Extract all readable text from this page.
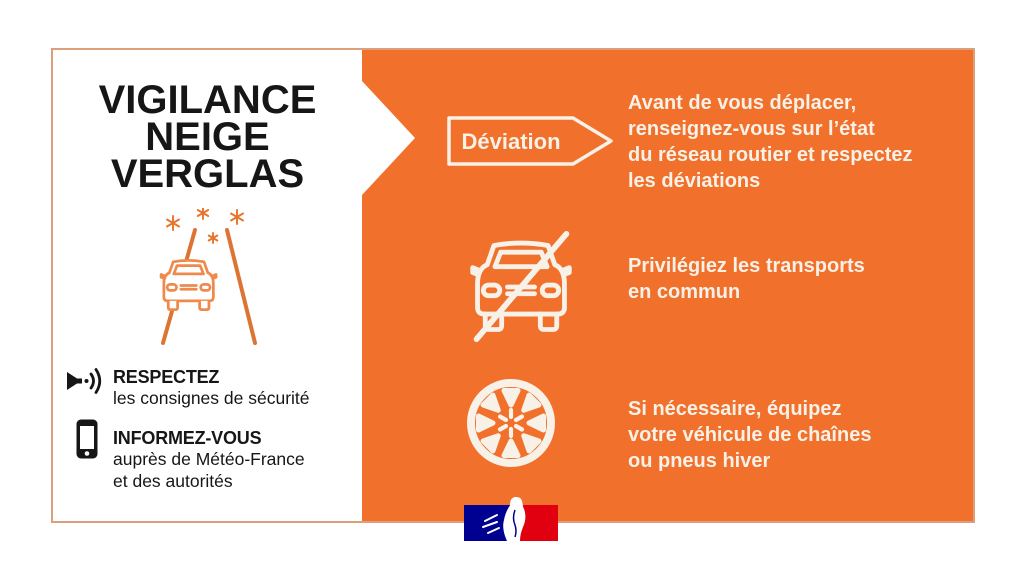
VIGILANCE
NEIGE
VERGLAS
RESPECTEZ
les consignes de sécurité
INFORMEZ-VOUS
auprès de Météo-France
et des autorités
Déviation
Avant de vous déplacer,
renseignez-vous sur l’état
du réseau routier et respectez
les déviations
Privilégiez les transports
en commun
Si nécessaire, équipez
votre véhicule de chaînes
ou pneus hiver
